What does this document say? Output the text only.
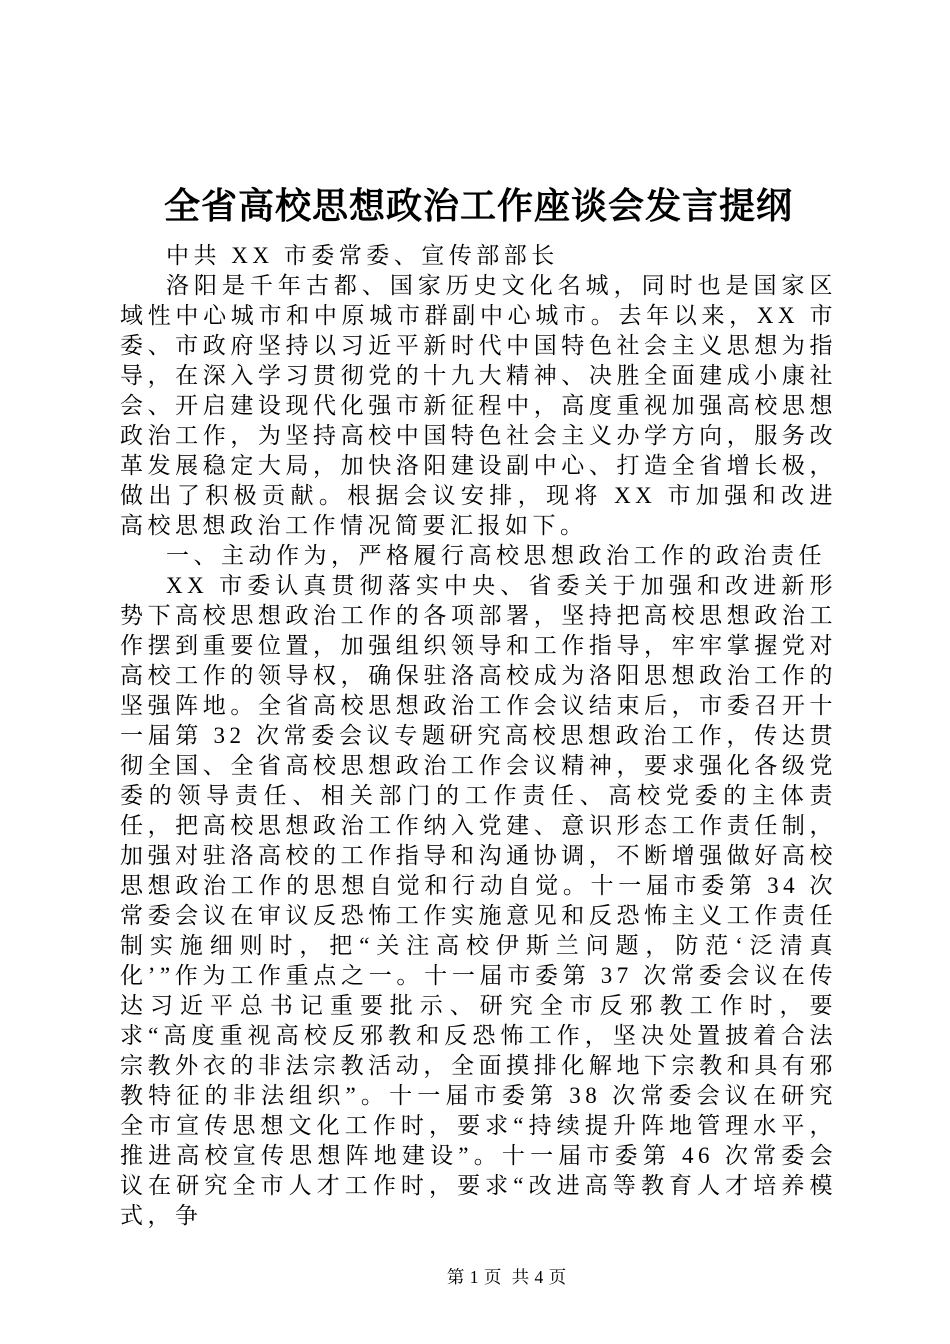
全省高校思想政治工作座谈会发言提纲

中共 XX 市委常委、宣传部部长

洛阳是千年古都、国家历史文化名城，同时也是国家区域性中心城市和中原城市群副中心城市。去年以来，XX 市委、市政府坚持以习近平新时代中国特色社会主义思想为指导，在深入学习贯彻党的十九大精神、决胜全面建成小康社会、开启建设现代化强市新征程中，高度重视加强高校思想政治工作，为坚持高校中国特色社会主义办学方向，服务改革发展稳定大局，加快洛阳建设副中心、打造全省增长极，做出了积极贡献。根据会议安排，现将 XX 市加强和改进高校思想政治工作情况简要汇报如下。

一、主动作为，严格履行高校思想政治工作的政治责任

XX 市委认真贯彻落实中央、省委关于加强和改进新形势下高校思想政治工作的各项部署，坚持把高校思想政治工作摆到重要位置，加强组织领导和工作指导，牢牢掌握党对高校工作的领导权，确保驻洛高校成为洛阳思想政治工作的坚强阵地。全省高校思想政治工作会议结束后，市委召开十一届第 32 次常委会议专题研究高校思想政治工作，传达贯彻全国、全省高校思想政治工作会议精神，要求强化各级党委的领导责任、相关部门的工作责任、高校党委的主体责任，把高校思想政治工作纳入党建、意识形态工作责任制，加强对驻洛高校的工作指导和沟通协调，不断增强做好高校思想政治工作的思想自觉和行动自觉。十一届市委第 34 次常委会议在审议反恐怖工作实施意见和反恐怖主义工作责任制实施细则时，把“关注高校伊斯兰问题，防范‘泛清真化’”作为工作重点之一。十一届市委第 37 次常委会议在传达习近平总书记重要批示、研究全市反邪教工作时，要求“高度重视高校反邪教和反恐怖工作，坚决处置披着合法宗教外衣的非法宗教活动，全面摸排化解地下宗教和具有邪教特征的非法组织”。十一届市委第 38 次常委会议在研究全市宣传思想文化工作时，要求“持续提升阵地管理水平，推进高校宣传思想阵地建设”。十一届市委第 46 次常委会议在研究全市人才工作时，要求“改进高等教育人才培养模式，争

第 1 页  共 4 页
